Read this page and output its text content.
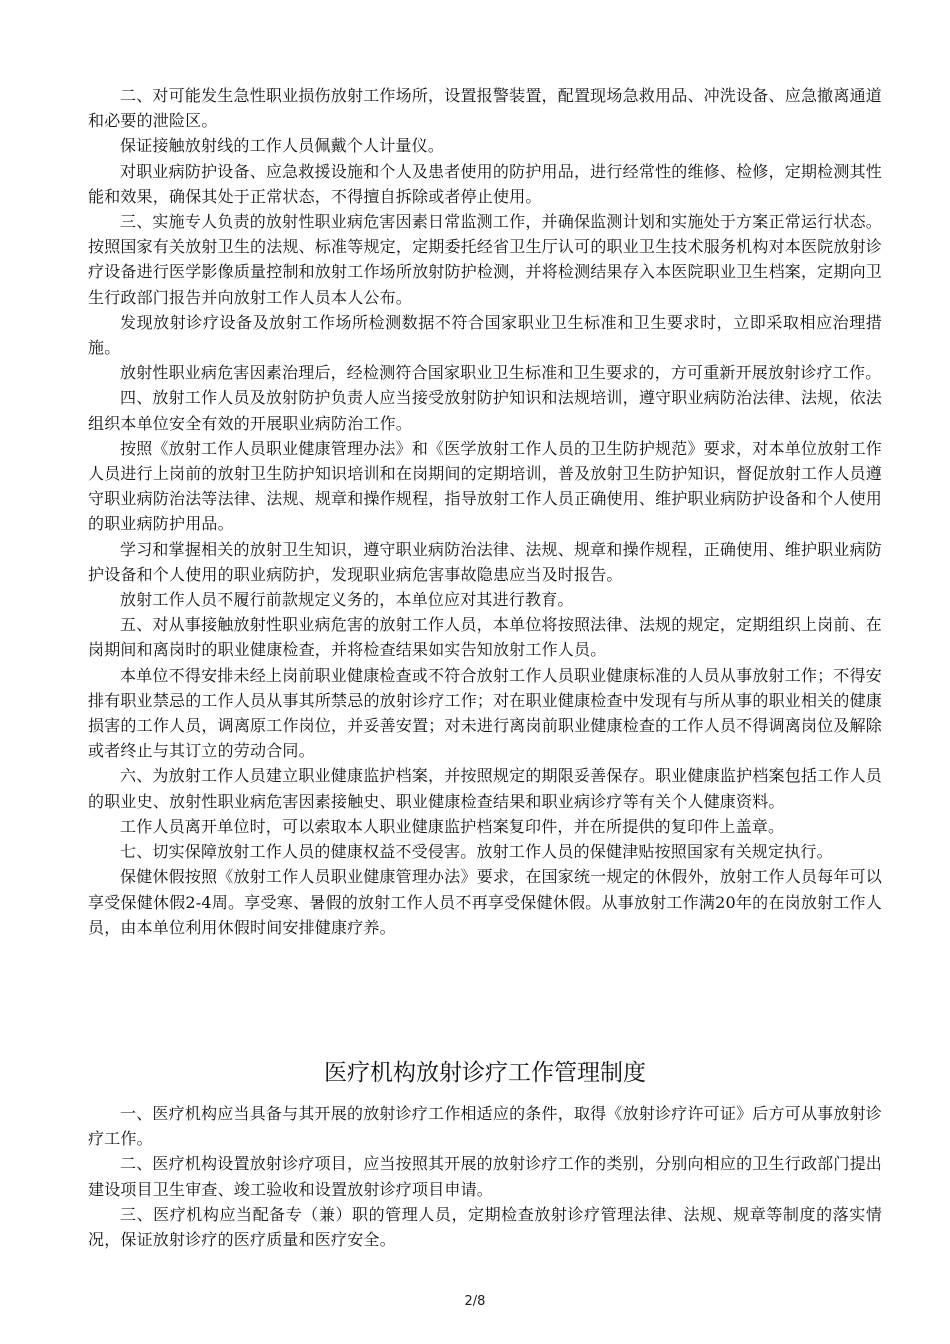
二、对可能发生急性职业损伤放射工作场所，设置报警装置，配置现场急救用品、冲洗设备、应急撤离通道和必要的泄险区。

保证接触放射线的工作人员佩戴个人计量仪。

对职业病防护设备、应急救援设施和个人及患者使用的防护用品，进行经常性的维修、检修，定期检测其性能和效果，确保其处于正常状态，不得擅自拆除或者停止使用。

三、实施专人负责的放射性职业病危害因素日常监测工作，并确保监测计划和实施处于方案正常运行状态。按照国家有关放射卫生的法规、标准等规定，定期委托经省卫生厅认可的职业卫生技术服务机构对本医院放射诊疗设备进行医学影像质量控制和放射工作场所放射防护检测，并将检测结果存入本医院职业卫生档案，定期向卫生行政部门报告并向放射工作人员本人公布。

发现放射诊疗设备及放射工作场所检测数据不符合国家职业卫生标准和卫生要求时，立即采取相应治理措施。

放射性职业病危害因素治理后，经检测符合国家职业卫生标准和卫生要求的，方可重新开展放射诊疗工作。

四、放射工作人员及放射防护负责人应当接受放射防护知识和法规培训，遵守职业病防治法律、法规，依法组织本单位安全有效的开展职业病防治工作。

按照《放射工作人员职业健康管理办法》和《医学放射工作人员的卫生防护规范》要求，对本单位放射工作人员进行上岗前的放射卫生防护知识培训和在岗期间的定期培训，普及放射卫生防护知识，督促放射工作人员遵守职业病防治法等法律、法规、规章和操作规程，指导放射工作人员正确使用、维护职业病防护设备和个人使用的职业病防护用品。

学习和掌握相关的放射卫生知识，遵守职业病防治法律、法规、规章和操作规程，正确使用、维护职业病防护设备和个人使用的职业病防护，发现职业病危害事故隐患应当及时报告。

放射工作人员不履行前款规定义务的，本单位应对其进行教育。

五、对从事接触放射性职业病危害的放射工作人员，本单位将按照法律、法规的规定，定期组织上岗前、在岗期间和离岗时的职业健康检查，并将检查结果如实告知放射工作人员。

本单位不得安排未经上岗前职业健康检查或不符合放射工作人员职业健康标准的人员从事放射工作；不得安排有职业禁忌的工作人员从事其所禁忌的放射诊疗工作；对在职业健康检查中发现有与所从事的职业相关的健康损害的工作人员，调离原工作岗位，并妥善安置；对未进行离岗前职业健康检查的工作人员不得调离岗位及解除或者终止与其订立的劳动合同。

六、为放射工作人员建立职业健康监护档案，并按照规定的期限妥善保存。职业健康监护档案包括工作人员的职业史、放射性职业病危害因素接触史、职业健康检查结果和职业病诊疗等有关个人健康资料。

工作人员离开单位时，可以索取本人职业健康监护档案复印件，并在所提供的复印件上盖章。

七、切实保障放射工作人员的健康权益不受侵害。放射工作人员的保健津贴按照国家有关规定执行。

保健休假按照《放射工作人员职业健康管理办法》要求，在国家统一规定的休假外，放射工作人员每年可以享受保健休假2-4周。享受寒、暑假的放射工作人员不再享受保健休假。从事放射工作满20年的在岗放射工作人员，由本单位利用休假时间安排健康疗养。

医疗机构放射诊疗工作管理制度

一、医疗机构应当具备与其开展的放射诊疗工作相适应的条件，取得《放射诊疗许可证》后方可从事放射诊疗工作。

二、医疗机构设置放射诊疗项目，应当按照其开展的放射诊疗工作的类别，分别向相应的卫生行政部门提出建设项目卫生审查、竣工验收和设置放射诊疗项目申请。

三、医疗机构应当配备专（兼）职的管理人员，定期检查放射诊疗管理法律、法规、规章等制度的落实情况，保证放射诊疗的医疗质量和医疗安全。

2/8
